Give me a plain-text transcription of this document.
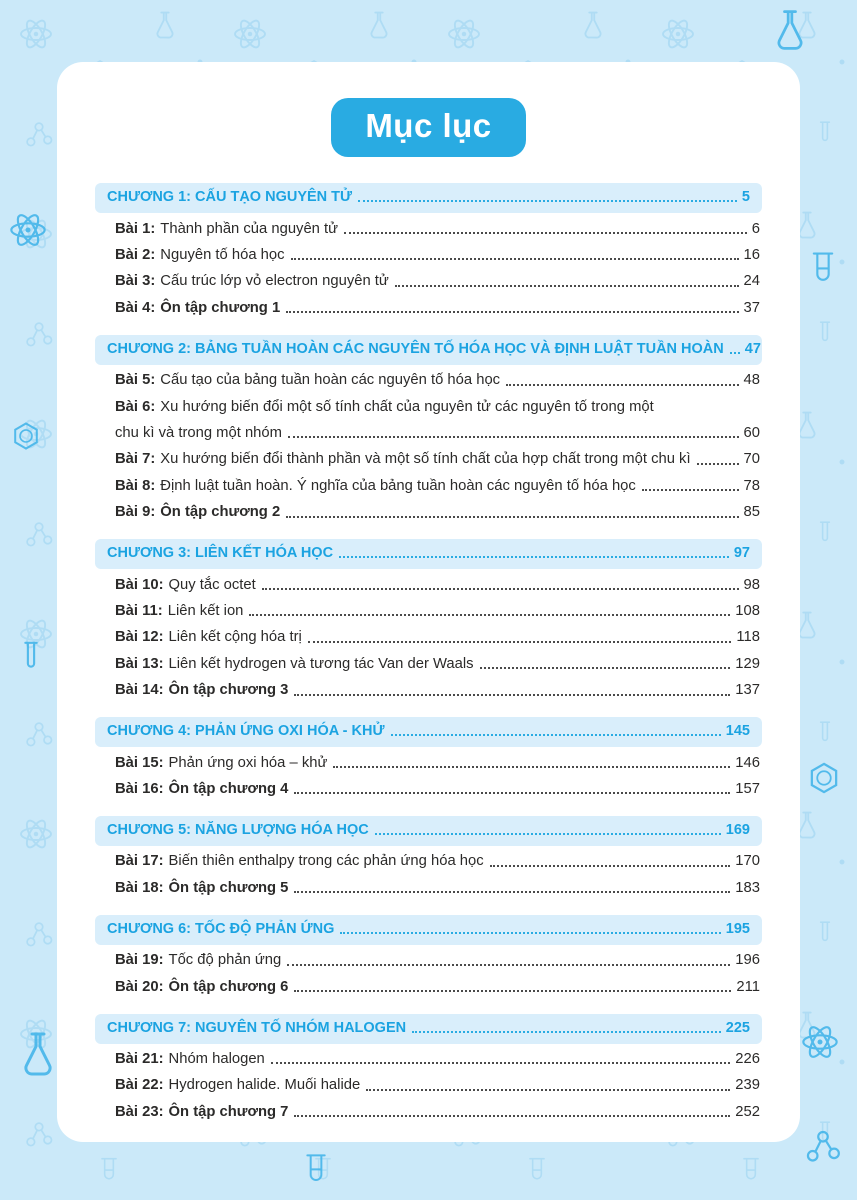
Mục lục
CHƯƠNG 1: CẤU TẠO NGUYÊN TỬ	5
Bài 1: Thành phần của nguyên tử	6
Bài 2: Nguyên tố hóa học	16
Bài 3: Cấu trúc lớp vỏ electron nguyên tử	24
Bài 4: Ôn tập chương 1	37
CHƯƠNG 2: BẢNG TUẦN HOÀN CÁC NGUYÊN TỐ HÓA HỌC VÀ ĐỊNH LUẬT TUẦN HOÀN 47
Bài 5: Cấu tạo của bảng tuần hoàn các nguyên tố hóa học	48
Bài 6: Xu hướng biến đổi một số tính chất của nguyên tử các nguyên tố trong một
chu kì và trong một nhóm	60
Bài 7: Xu hướng biến đổi thành phần và một số tính chất của hợp chất trong một chu kì	70
Bài 8: Định luật tuần hoàn. Ý nghĩa của bảng tuần hoàn các nguyên tố hóa học	78
Bài 9: Ôn tập chương 2	85
CHƯƠNG 3: LIÊN KẾT HÓA HỌC	97
Bài 10: Quy tắc octet	98
Bài 11: Liên kết ion	108
Bài 12: Liên kết cộng hóa trị	118
Bài 13: Liên kết hydrogen và tương tác Van der Waals	129
Bài 14: Ôn tập chương 3	137
CHƯƠNG 4: PHẢN ỨNG OXI HÓA - KHỬ	145
Bài 15: Phản ứng oxi hóa – khử	146
Bài 16: Ôn tập chương 4	157
CHƯƠNG 5: NĂNG LƯỢNG HÓA HỌC	169
Bài 17: Biến thiên enthalpy trong các phản ứng hóa học	170
Bài 18: Ôn tập chương 5	183
CHƯƠNG 6: TỐC ĐỘ PHẢN ỨNG	195
Bài 19: Tốc độ phản ứng	196
Bài 20: Ôn tập chương 6	211
CHƯƠNG 7: NGUYÊN TỐ NHÓM HALOGEN	225
Bài 21: Nhóm halogen	226
Bài 22: Hydrogen halide. Muối halide	239
Bài 23: Ôn tập chương 7	252
